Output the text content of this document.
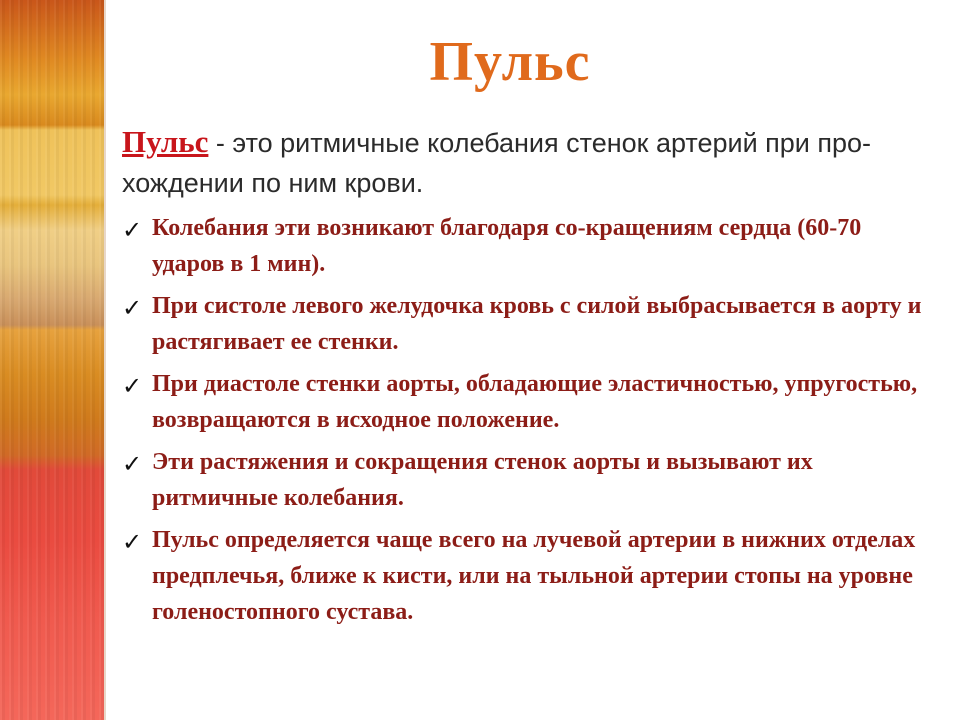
Пульс

Пульс - это ритмичные колебания стенок артерий при про-хождении по ним крови.

✓ Колебания эти возникают благодаря со-кращениям сердца (60-70 ударов в 1 мин).
✓ При систоле левого желудочка кровь с силой выбрасывается в аорту и растягивает ее стенки.
✓ При диастоле стенки аорты, обладающие эластичностью, упругостью, возвращаются в исходное положение.
✓ Эти растяжения и сокращения стенок аорты и вызывают их ритмичные колебания.
✓ Пульс определяется чаще всего на лучевой артерии в нижних отделах предплечья, ближе к кисти, или на тыльной артерии стопы на уровне голеностопного сустава.
